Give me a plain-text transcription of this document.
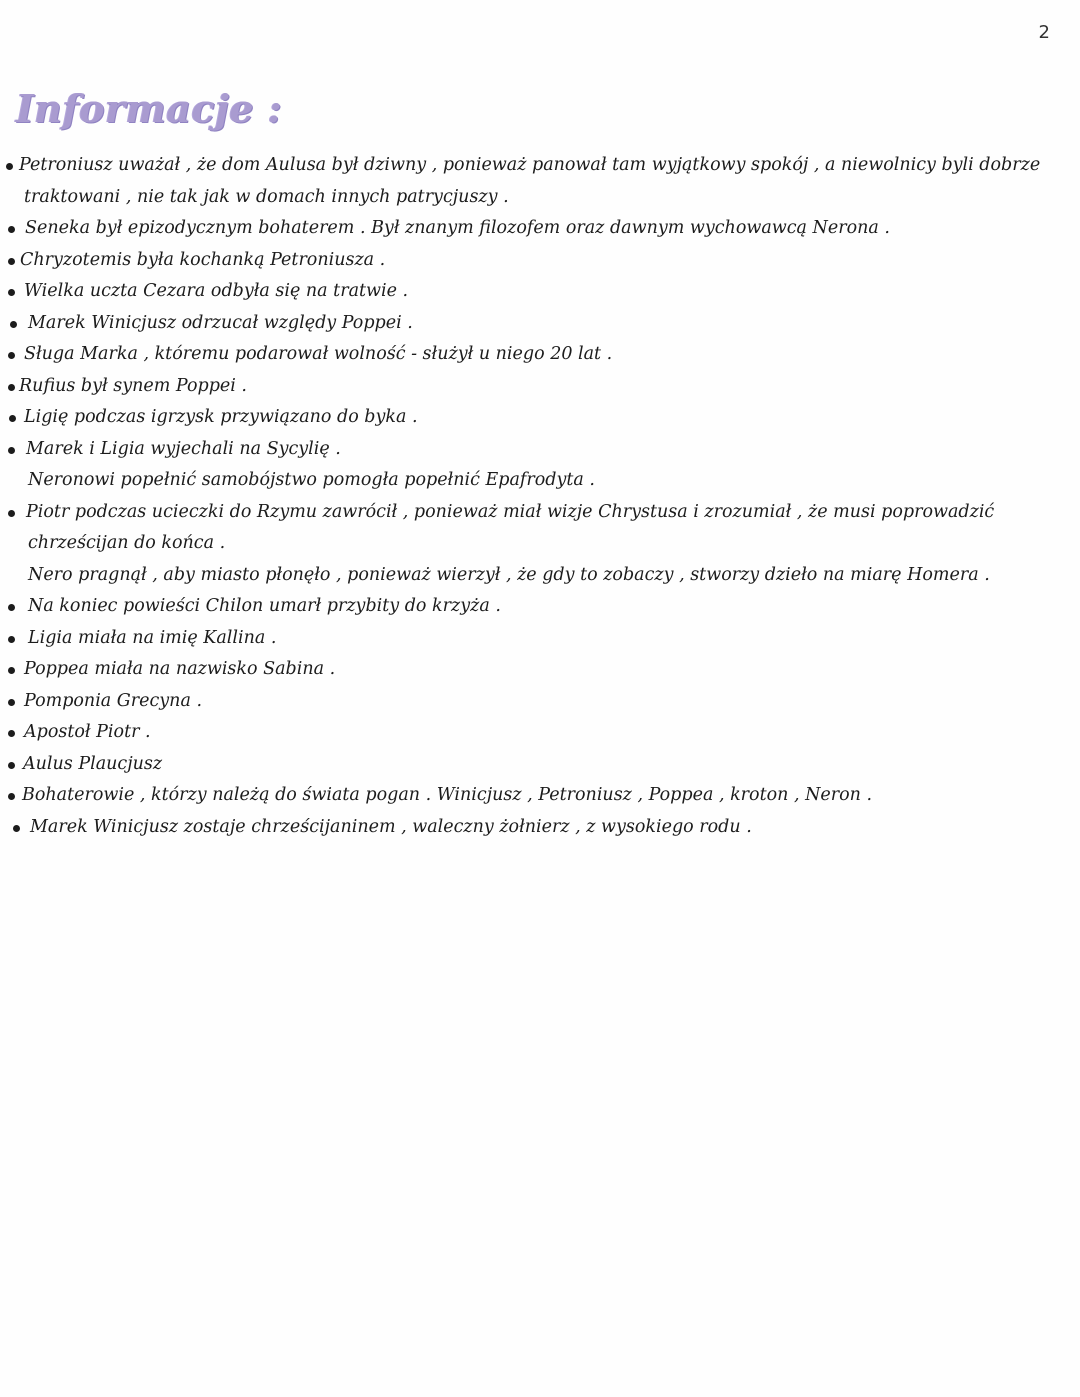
2
Informacje :
Petroniusz uważał , że dom Aulusa był dziwny , ponieważ panował tam wyjątkowy spokój , a niewolnicy byli dobrze
traktowani , nie tak jak w domach innych patrycjuszy .
Seneka był epizodycznym bohaterem . Był znanym filozofem oraz dawnym wychowawcą Nerona .
Chryzotemis była kochanką Petroniusza .
Wielka uczta Cezara odbyła się na tratwie .
Marek Winicjusz odrzucał względy Poppei .
Sługa Marka , któremu podarował wolność - służył u niego 20 lat .
Rufius był synem Poppei .
Ligię podczas igrzysk przywiązano do byka .
Marek i Ligia wyjechali na Sycylię .
Neronowi popełnić samobójstwo pomogła popełnić Epafrodyta .
Piotr podczas ucieczki do Rzymu zawrócił , ponieważ miał wizje Chrystusa i zrozumiał , że musi poprowadzić
chrześcijan do końca .
Nero pragnął , aby miasto płonęło , ponieważ wierzył , że gdy to zobaczy , stworzy dzieło na miarę Homera .
Na koniec powieści Chilon umarł przybity do krzyża .
Ligia miała na imię Kallina .
Poppea miała na nazwisko Sabina .
Pomponia Grecyna .
Apostoł Piotr .
Aulus Plaucjusz
Bohaterowie , którzy należą do świata pogan . Winicjusz , Petroniusz , Poppea , kroton , Neron .
Marek Winicjusz zostaje chrześcijaninem , waleczny żołnierz , z wysokiego rodu .
